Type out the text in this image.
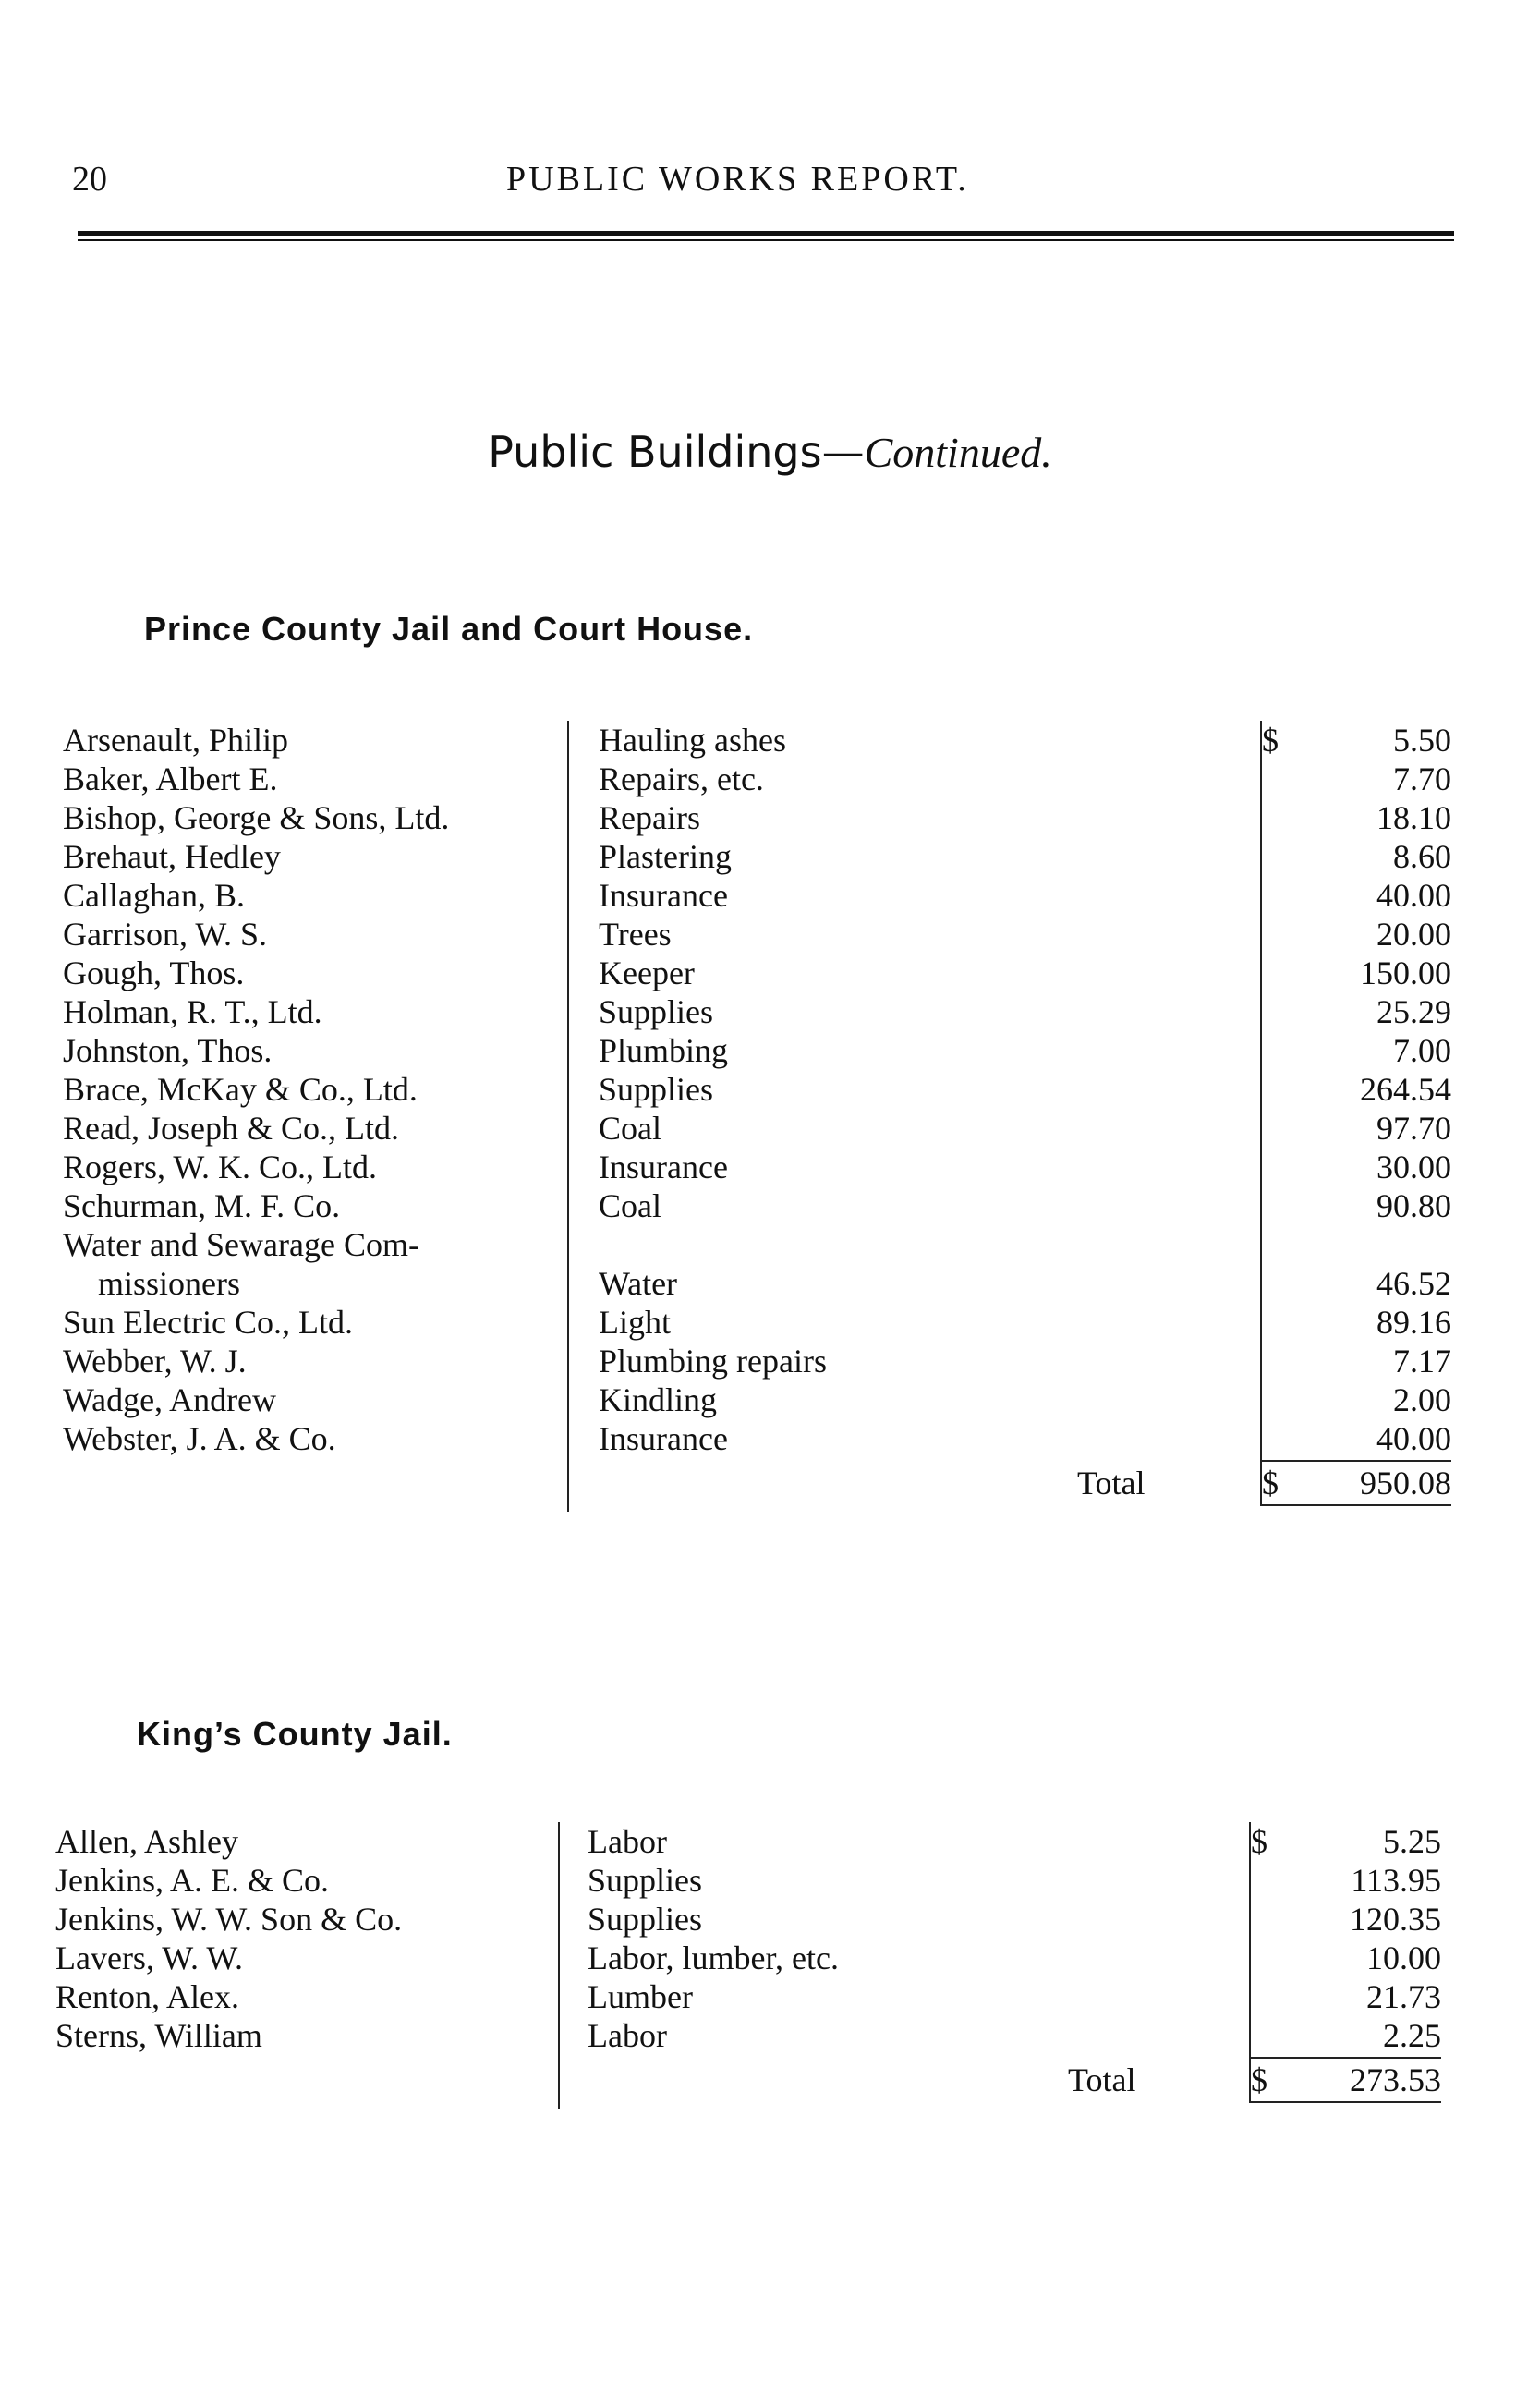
20	PUBLIC WORKS REPORT.
Public Buildings—Continued.
Prince County Jail and Court House.
Arsenault, Philip	Hauling ashes	5.50
Baker, Albert E.	Repairs, etc.	7.70
Bishop, George & Sons, Ltd.	Repairs	18.10
Brehaut, Hedley	Plastering	8.60
Callaghan, B.	Insurance	40.00
Garrison, W. S.	Trees	20.00
Gough, Thos.	Keeper	150.00
Holman, R. T., Ltd.	Supplies	25.29
Johnston, Thos.	Plumbing	7.00
Brace, McKay & Co., Ltd.	Supplies	264.54
Read, Joseph & Co., Ltd.	Coal	97.70
Rogers, W. K. Co., Ltd.	Insurance	30.00
Schurman, M. F. Co.	Coal	90.80
Water and Sewarage Com-
missioners	Water	46.52
Sun Electric Co., Ltd.	Light	89.16
Webber, W. J.	Plumbing repairs	7.17
Wadge, Andrew	Kindling	2.00
Webster, J. A. & Co.	Insurance	40.00
$
Total	$	950.08
King’s County Jail.
Allen, Ashley	Labor	5.25
Jenkins, A. E. & Co.	Supplies	113.95
Jenkins, W. W. Son & Co.	Supplies	120.35
Lavers, W. W.	Labor, lumber, etc.	10.00
Renton, Alex.	Lumber	21.73
Sterns, William	Labor	2.25
$
Total	$	273.53
